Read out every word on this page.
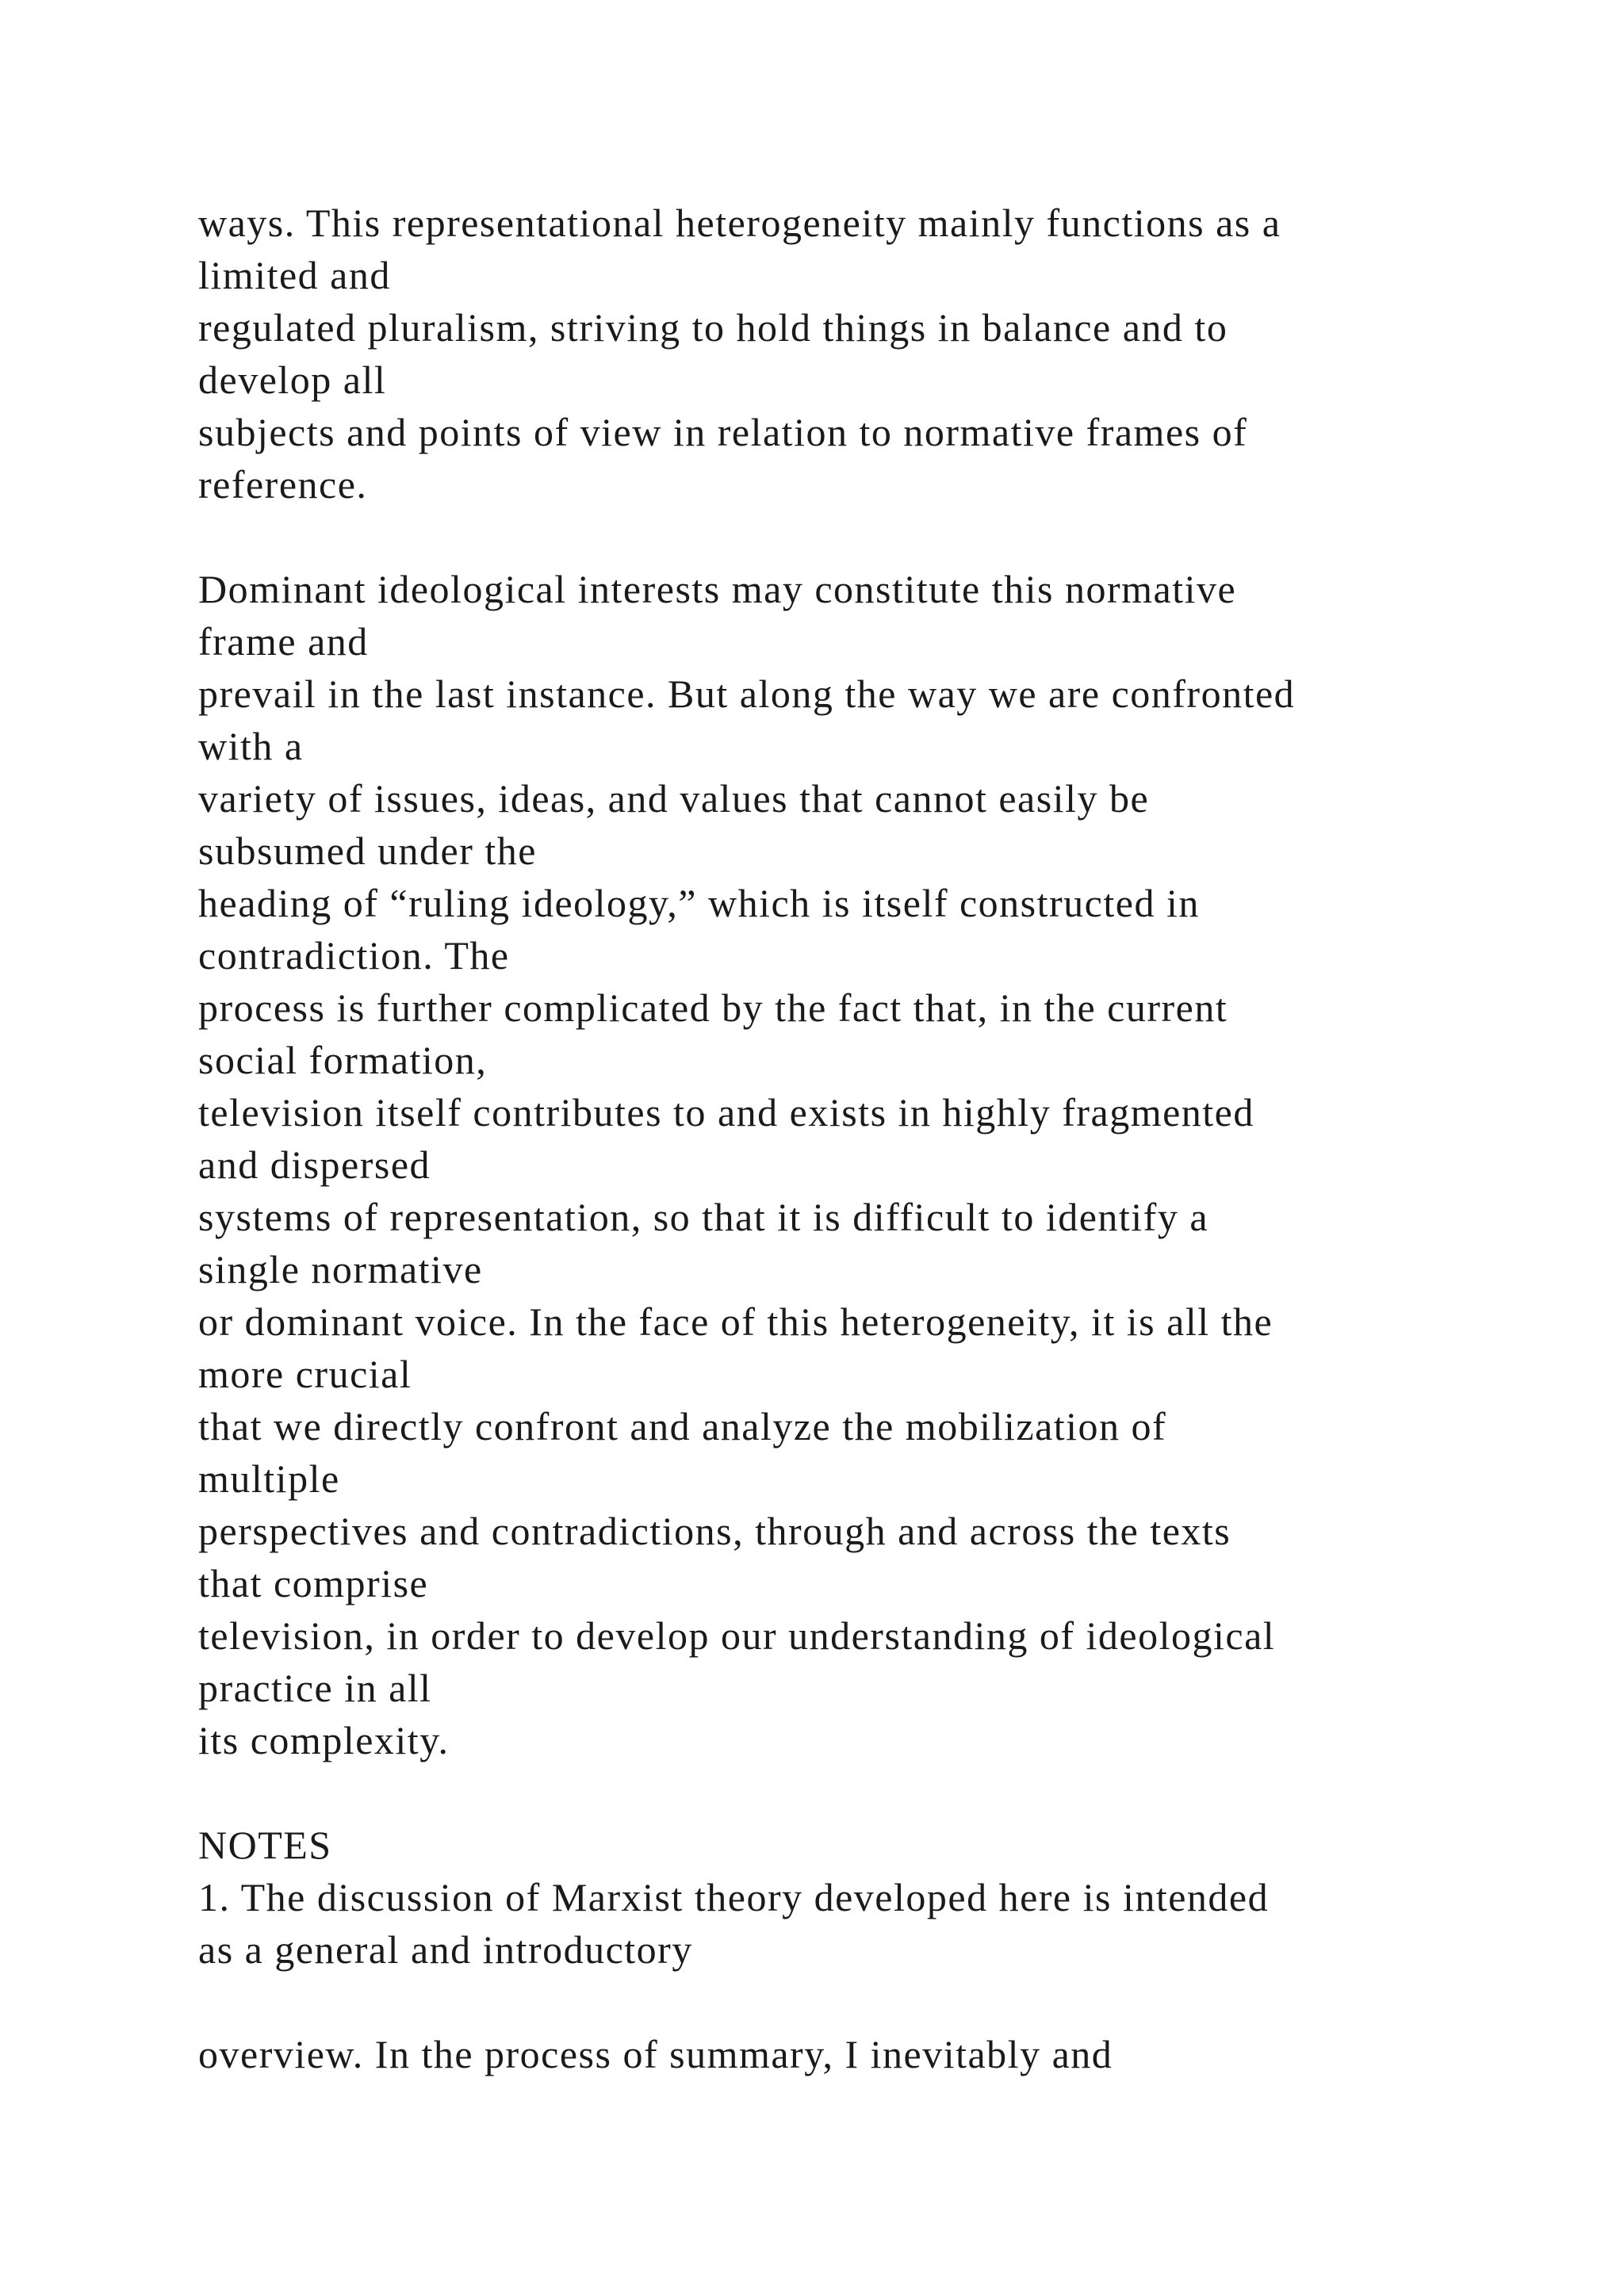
ways. This representational heterogeneity mainly functions as a
limited and
regulated pluralism, striving to hold things in balance and to
develop all
subjects and points of view in relation to normative frames of
reference.
Dominant ideological interests may constitute this normative
frame and
prevail in the last instance. But along the way we are confronted
with a
variety of issues, ideas, and values that cannot easily be
subsumed under the
heading of “ruling ideology,” which is itself constructed in
contradiction. The
process is further complicated by the fact that, in the current
social formation,
television itself contributes to and exists in highly fragmented
and dispersed
systems of representation, so that it is difficult to identify a
single normative
or dominant voice. In the face of this heterogeneity, it is all the
more crucial
that we directly confront and analyze the mobilization of
multiple
perspectives and contradictions, through and across the texts
that comprise
television, in order to develop our understanding of ideological
practice in all
its complexity.
NOTES
1. The discussion of Marxist theory developed here is intended
as a general and introductory
overview. In the process of summary, I inevitably and
